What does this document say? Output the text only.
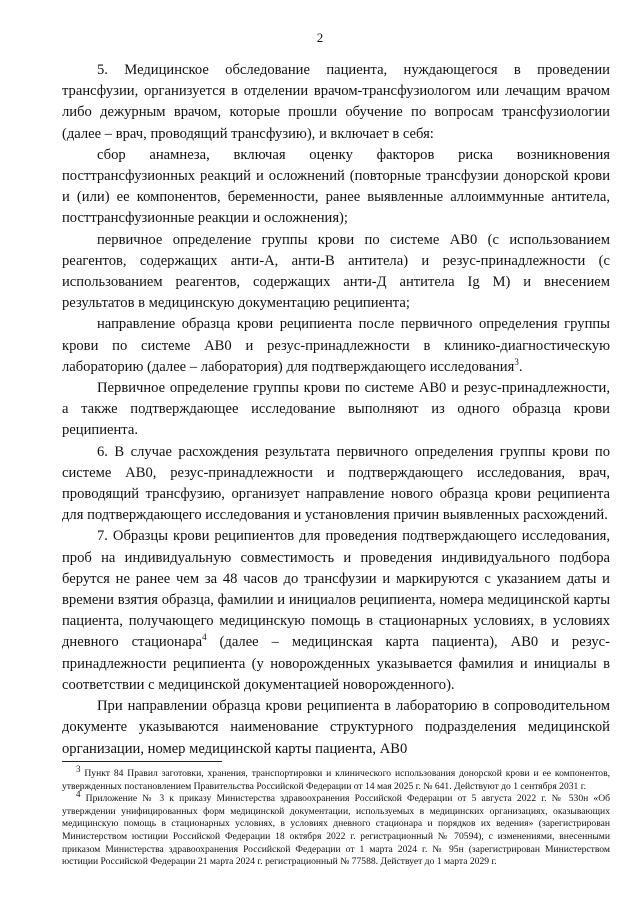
2

5. Медицинское обследование пациента, нуждающегося в проведении трансфузии, организуется в отделении врачом-трансфузиологом или лечащим врачом либо дежурным врачом, которые прошли обучение по вопросам трансфузиологии (далее – врач, проводящий трансфузию), и включает в себя:

сбор анамнеза, включая оценку факторов риска возникновения посттрансфузионных реакций и осложнений (повторные трансфузии донорской крови и (или) ее компонентов, беременности, ранее выявленные аллоиммунные антитела, посттрансфузионные реакции и осложнения);

первичное определение группы крови по системе АВ0 (с использованием реагентов, содержащих анти-А, анти-В антитела) и резус-принадлежности (с использованием реагентов, содержащих анти-Д антитела Ig M) и внесением результатов в медицинскую документацию реципиента;

направление образца крови реципиента после первичного определения группы крови по системе АВ0 и резус-принадлежности в клинико-диагностическую лабораторию (далее – лаборатория) для подтверждающего исследования$^3$.

Первичное определение группы крови по системе АВ0 и резус-принадлежности, а также подтверждающее исследование выполняют из одного образца крови реципиента.

6. В случае расхождения результата первичного определения группы крови по системе АВ0, резус-принадлежности и подтверждающего исследования, врач, проводящий трансфузию, организует направление нового образца крови реципиента для подтверждающего исследования и установления причин выявленных расхождений.

7. Образцы крови реципиентов для проведения подтверждающего исследования, проб на индивидуальную совместимость и проведения индивидуального подбора берутся не ранее чем за 48 часов до трансфузии и маркируются с указанием даты и времени взятия образца, фамилии и инициалов реципиента, номера медицинской карты пациента, получающего медицинскую помощь в стационарных условиях, в условиях дневного стационара$^4$ (далее – медицинская карта пациента), АВ0 и резус-принадлежности реципиента (у новорожденных указывается фамилия и инициалы в соответствии с медицинской документацией новорожденного).

При направлении образца крови реципиента в лабораторию в сопроводительном документе указываются наименование структурного подразделения медицинской организации, номер медицинской карты пациента, АВ0

$^3$ Пункт 84 Правил заготовки, хранения, транспортировки и клинического использования донорской крови и ее компонентов, утвержденных постановлением Правительства Российской Федерации от 14 мая 2025 г. № 641. Действуют до 1 сентября 2031 г.

$^4$ Приложение № 3 к приказу Министерства здравоохранения Российской Федерации от 5 августа 2022 г. № 530н «Об утверждении унифицированных форм медицинской документации, используемых в медицинских организациях, оказывающих медицинскую помощь в стационарных условиях, в условиях дневного стационара и порядков их ведения» (зарегистрирован Министерством юстиции Российской Федерации 18 октября 2022 г. регистрационный № 70594), с изменениями, внесенными приказом Министерства здравоохранения Российской Федерации от 1 марта 2024 г. № 95н (зарегистрирован Министерством юстиции Российской Федерации 21 марта 2024 г. регистрационный № 77588. Действует до 1 марта 2029 г.
